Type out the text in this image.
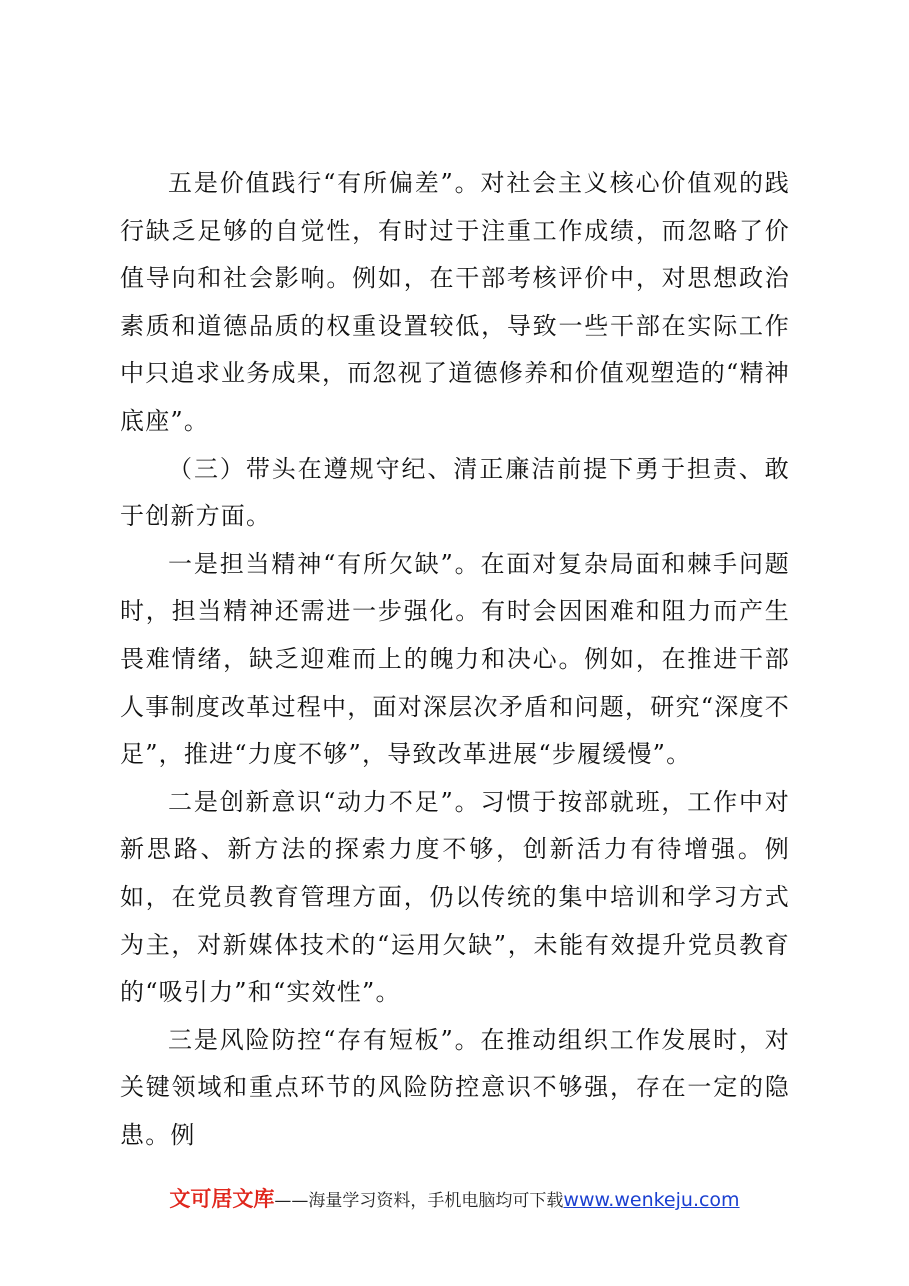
五是价值践行“有所偏差”。对社会主义核心价值观的践行缺乏足够的自觉性，有时过于注重工作成绩，而忽略了价值导向和社会影响。例如，在干部考核评价中，对思想政治素质和道德品质的权重设置较低，导致一些干部在实际工作中只追求业务成果，而忽视了道德修养和价值观塑造的“精神底座”。

（三）带头在遵规守纪、清正廉洁前提下勇于担责、敢于创新方面。

一是担当精神“有所欠缺”。在面对复杂局面和棘手问题时，担当精神还需进一步强化。有时会因困难和阻力而产生畏难情绪，缺乏迎难而上的魄力和决心。例如，在推进干部人事制度改革过程中，面对深层次矛盾和问题，研究“深度不足”，推进“力度不够”，导致改革进展“步履缓慢”。

二是创新意识“动力不足”。习惯于按部就班，工作中对新思路、新方法的探索力度不够，创新活力有待增强。例如，在党员教育管理方面，仍以传统的集中培训和学习方式为主，对新媒体技术的“运用欠缺”，未能有效提升党员教育的“吸引力”和“实效性”。

三是风险防控“存有短板”。在推动组织工作发展时，对关键领域和重点环节的风险防控意识不够强，存在一定的隐患。例

文可居文库——海量学习资料，手机电脑均可下载www.wenkeju.com
